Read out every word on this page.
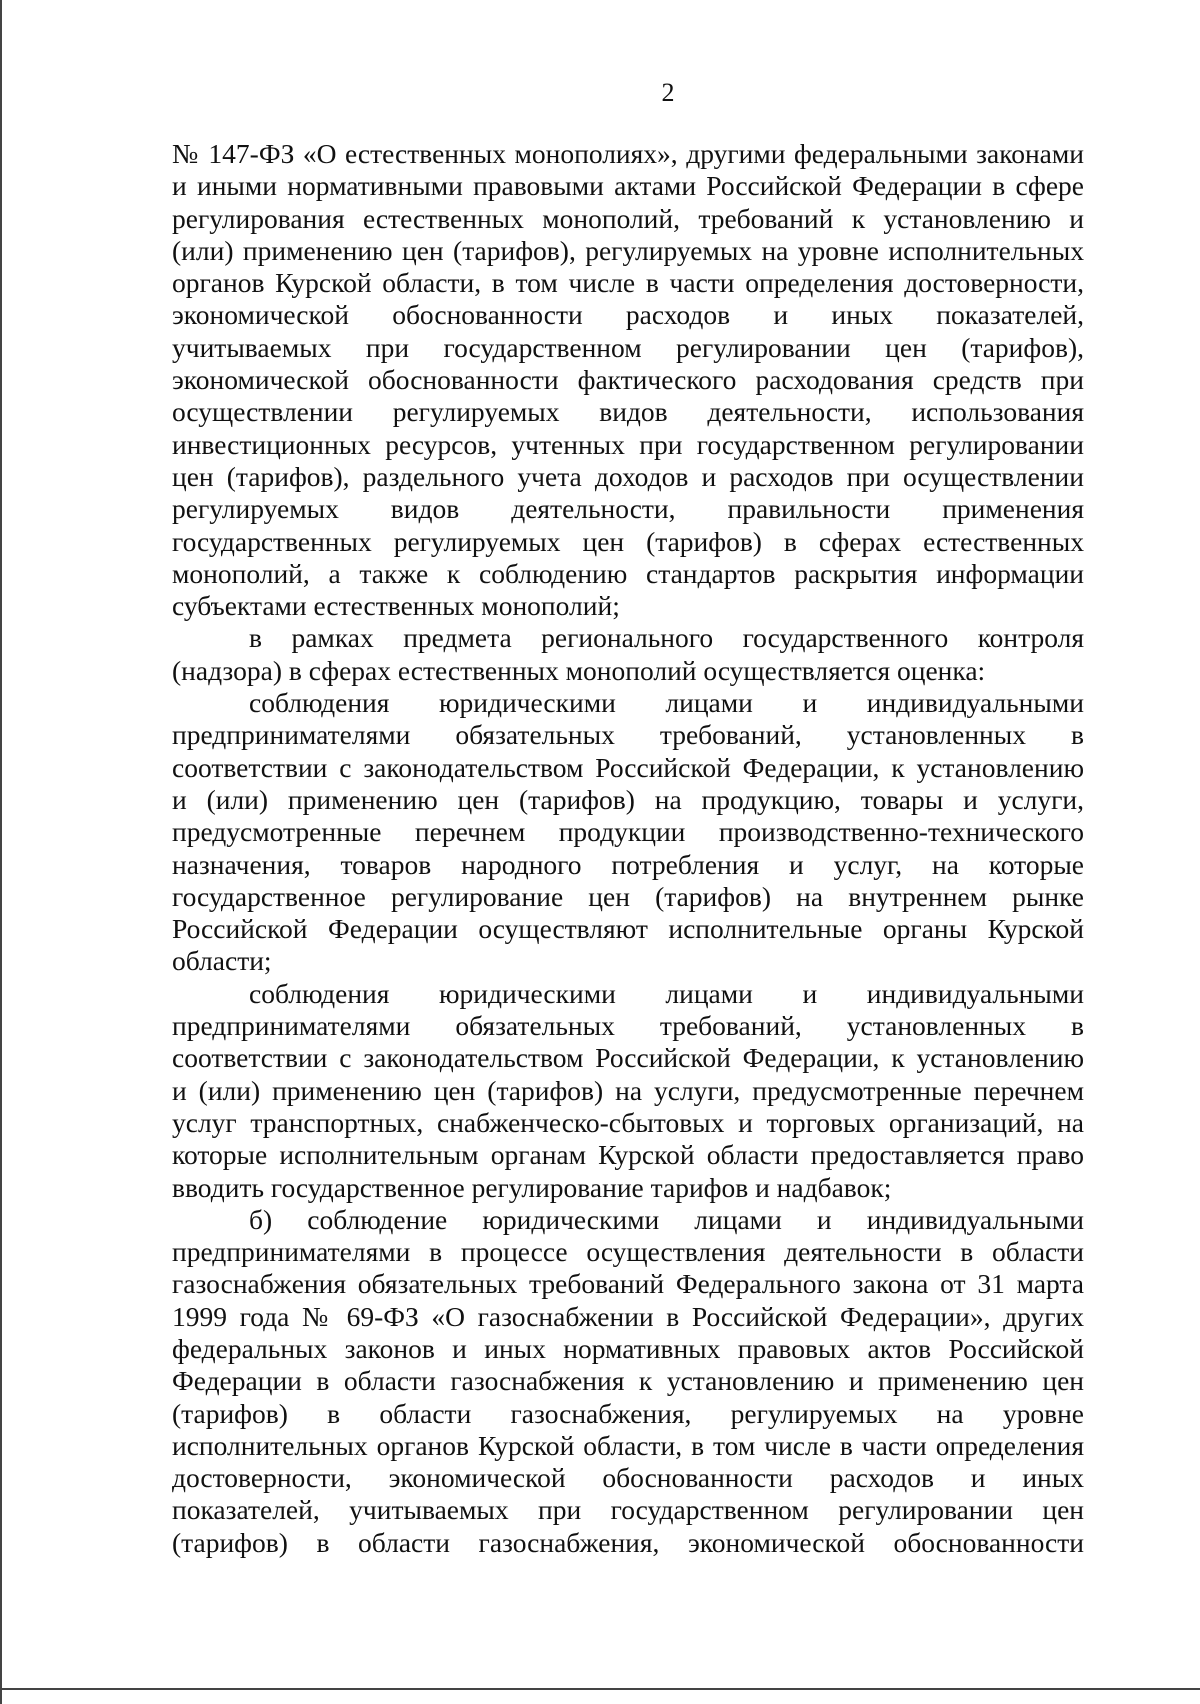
2
№ 147-ФЗ «О естественных монополиях», другими федеральными законами
и иными нормативными правовыми актами Российской Федерации в сфере
регулирования естественных монополий, требований к установлению и
(или) применению цен (тарифов), регулируемых на уровне исполнительных
органов Курской области, в том числе в части определения достоверности,
экономической обоснованности расходов и иных показателей,
учитываемых при государственном регулировании цен (тарифов),
экономической обоснованности фактического расходования средств при
осуществлении регулируемых видов деятельности, использования
инвестиционных ресурсов, учтенных при государственном регулировании
цен (тарифов), раздельного учета доходов и расходов при осуществлении
регулируемых видов деятельности, правильности применения
государственных регулируемых цен (тарифов) в сферах естественных
монополий, а также к соблюдению стандартов раскрытия информации
субъектами естественных монополий;
в рамках предмета регионального государственного контроля
(надзора) в сферах естественных монополий осуществляется оценка:
соблюдения юридическими лицами и индивидуальными
предпринимателями обязательных требований, установленных в
соответствии с законодательством Российской Федерации, к установлению
и (или) применению цен (тарифов) на продукцию, товары и услуги,
предусмотренные перечнем продукции производственно-технического
назначения, товаров народного потребления и услуг, на которые
государственное регулирование цен (тарифов) на внутреннем рынке
Российской Федерации осуществляют исполнительные органы Курской
области;
соблюдения юридическими лицами и индивидуальными
предпринимателями обязательных требований, установленных в
соответствии с законодательством Российской Федерации, к установлению
и (или) применению цен (тарифов) на услуги, предусмотренные перечнем
услуг транспортных, снабженческо-сбытовых и торговых организаций, на
которые исполнительным органам Курской области предоставляется право
вводить государственное регулирование тарифов и надбавок;
б) соблюдение юридическими лицами и индивидуальными
предпринимателями в процессе осуществления деятельности в области
газоснабжения обязательных требований Федерального закона от 31 марта
1999 года № 69-ФЗ «О газоснабжении в Российской Федерации», других
федеральных законов и иных нормативных правовых актов Российской
Федерации в области газоснабжения к установлению и применению цен
(тарифов) в области газоснабжения, регулируемых на уровне
исполнительных органов Курской области, в том числе в части определения
достоверности, экономической обоснованности расходов и иных
показателей, учитываемых при государственном регулировании цен
(тарифов) в области газоснабжения, экономической обоснованности
